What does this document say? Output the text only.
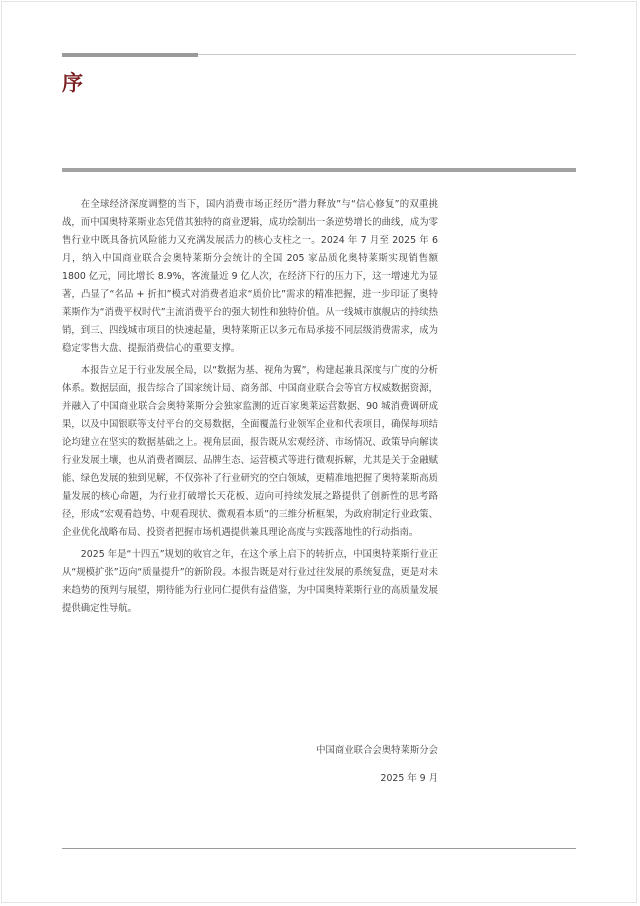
序

在全球经济深度调整的当下，国内消费市场正经历“潜力释放”与“信心修复”的双重挑战，而中国奥特莱斯业态凭借其独特的商业逻辑，成功绘制出一条逆势增长的曲线，成为零售行业中既具备抗风险能力又充满发展活力的核心支柱之一。2024 年 7 月至 2025 年 6 月，纳入中国商业联合会奥特莱斯分会统计的全国 205 家品质化奥特莱斯实现销售额 1800 亿元，同比增长 8.9%，客流量近 9 亿人次，在经济下行的压力下，这一增速尤为显著，凸显了“名品 + 折扣”模式对消费者追求“质价比”需求的精准把握，进一步印证了奥特莱斯作为“消费平权时代”主流消费平台的强大韧性和独特价值。从一线城市旗舰店的持续热销，到三、四线城市项目的快速起量，奥特莱斯正以多元布局承接不同层级消费需求，成为稳定零售大盘、提振消费信心的重要支撑。

本报告立足于行业发展全局，以“数据为基、视角为翼”，构建起兼具深度与广度的分析体系。数据层面，报告综合了国家统计局、商务部、中国商业联合会等官方权威数据资源，并融入了中国商业联合会奥特莱斯分会独家监测的近百家奥莱运营数据、90 城消费调研成果，以及中国银联等支付平台的交易数据，全面覆盖行业领军企业和代表项目，确保每项结论均建立在坚实的数据基础之上。视角层面，报告既从宏观经济、市场情况、政策导向解读行业发展土壤，也从消费者圈层、品牌生态、运营模式等进行微观拆解，尤其是关于金融赋能、绿色发展的独到见解，不仅弥补了行业研究的空白领域，更精准地把握了奥特莱斯高质量发展的核心命题，为行业打破增长天花板、迈向可持续发展之路提供了创新性的思考路径，形成“宏观看趋势、中观看现状、微观看本质”的三维分析框架，为政府制定行业政策、企业优化战略布局、投资者把握市场机遇提供兼具理论高度与实践落地性的行动指南。

2025 年是“十四五”规划的收官之年，在这个承上启下的转折点，中国奥特莱斯行业正从“规模扩张”迈向“质量提升”的新阶段。本报告既是对行业过往发展的系统复盘，更是对未来趋势的预判与展望，期待能为行业同仁提供有益借鉴，为中国奥特莱斯行业的高质量发展提供确定性导航。

中国商业联合会奥特莱斯分会
2025 年 9 月
